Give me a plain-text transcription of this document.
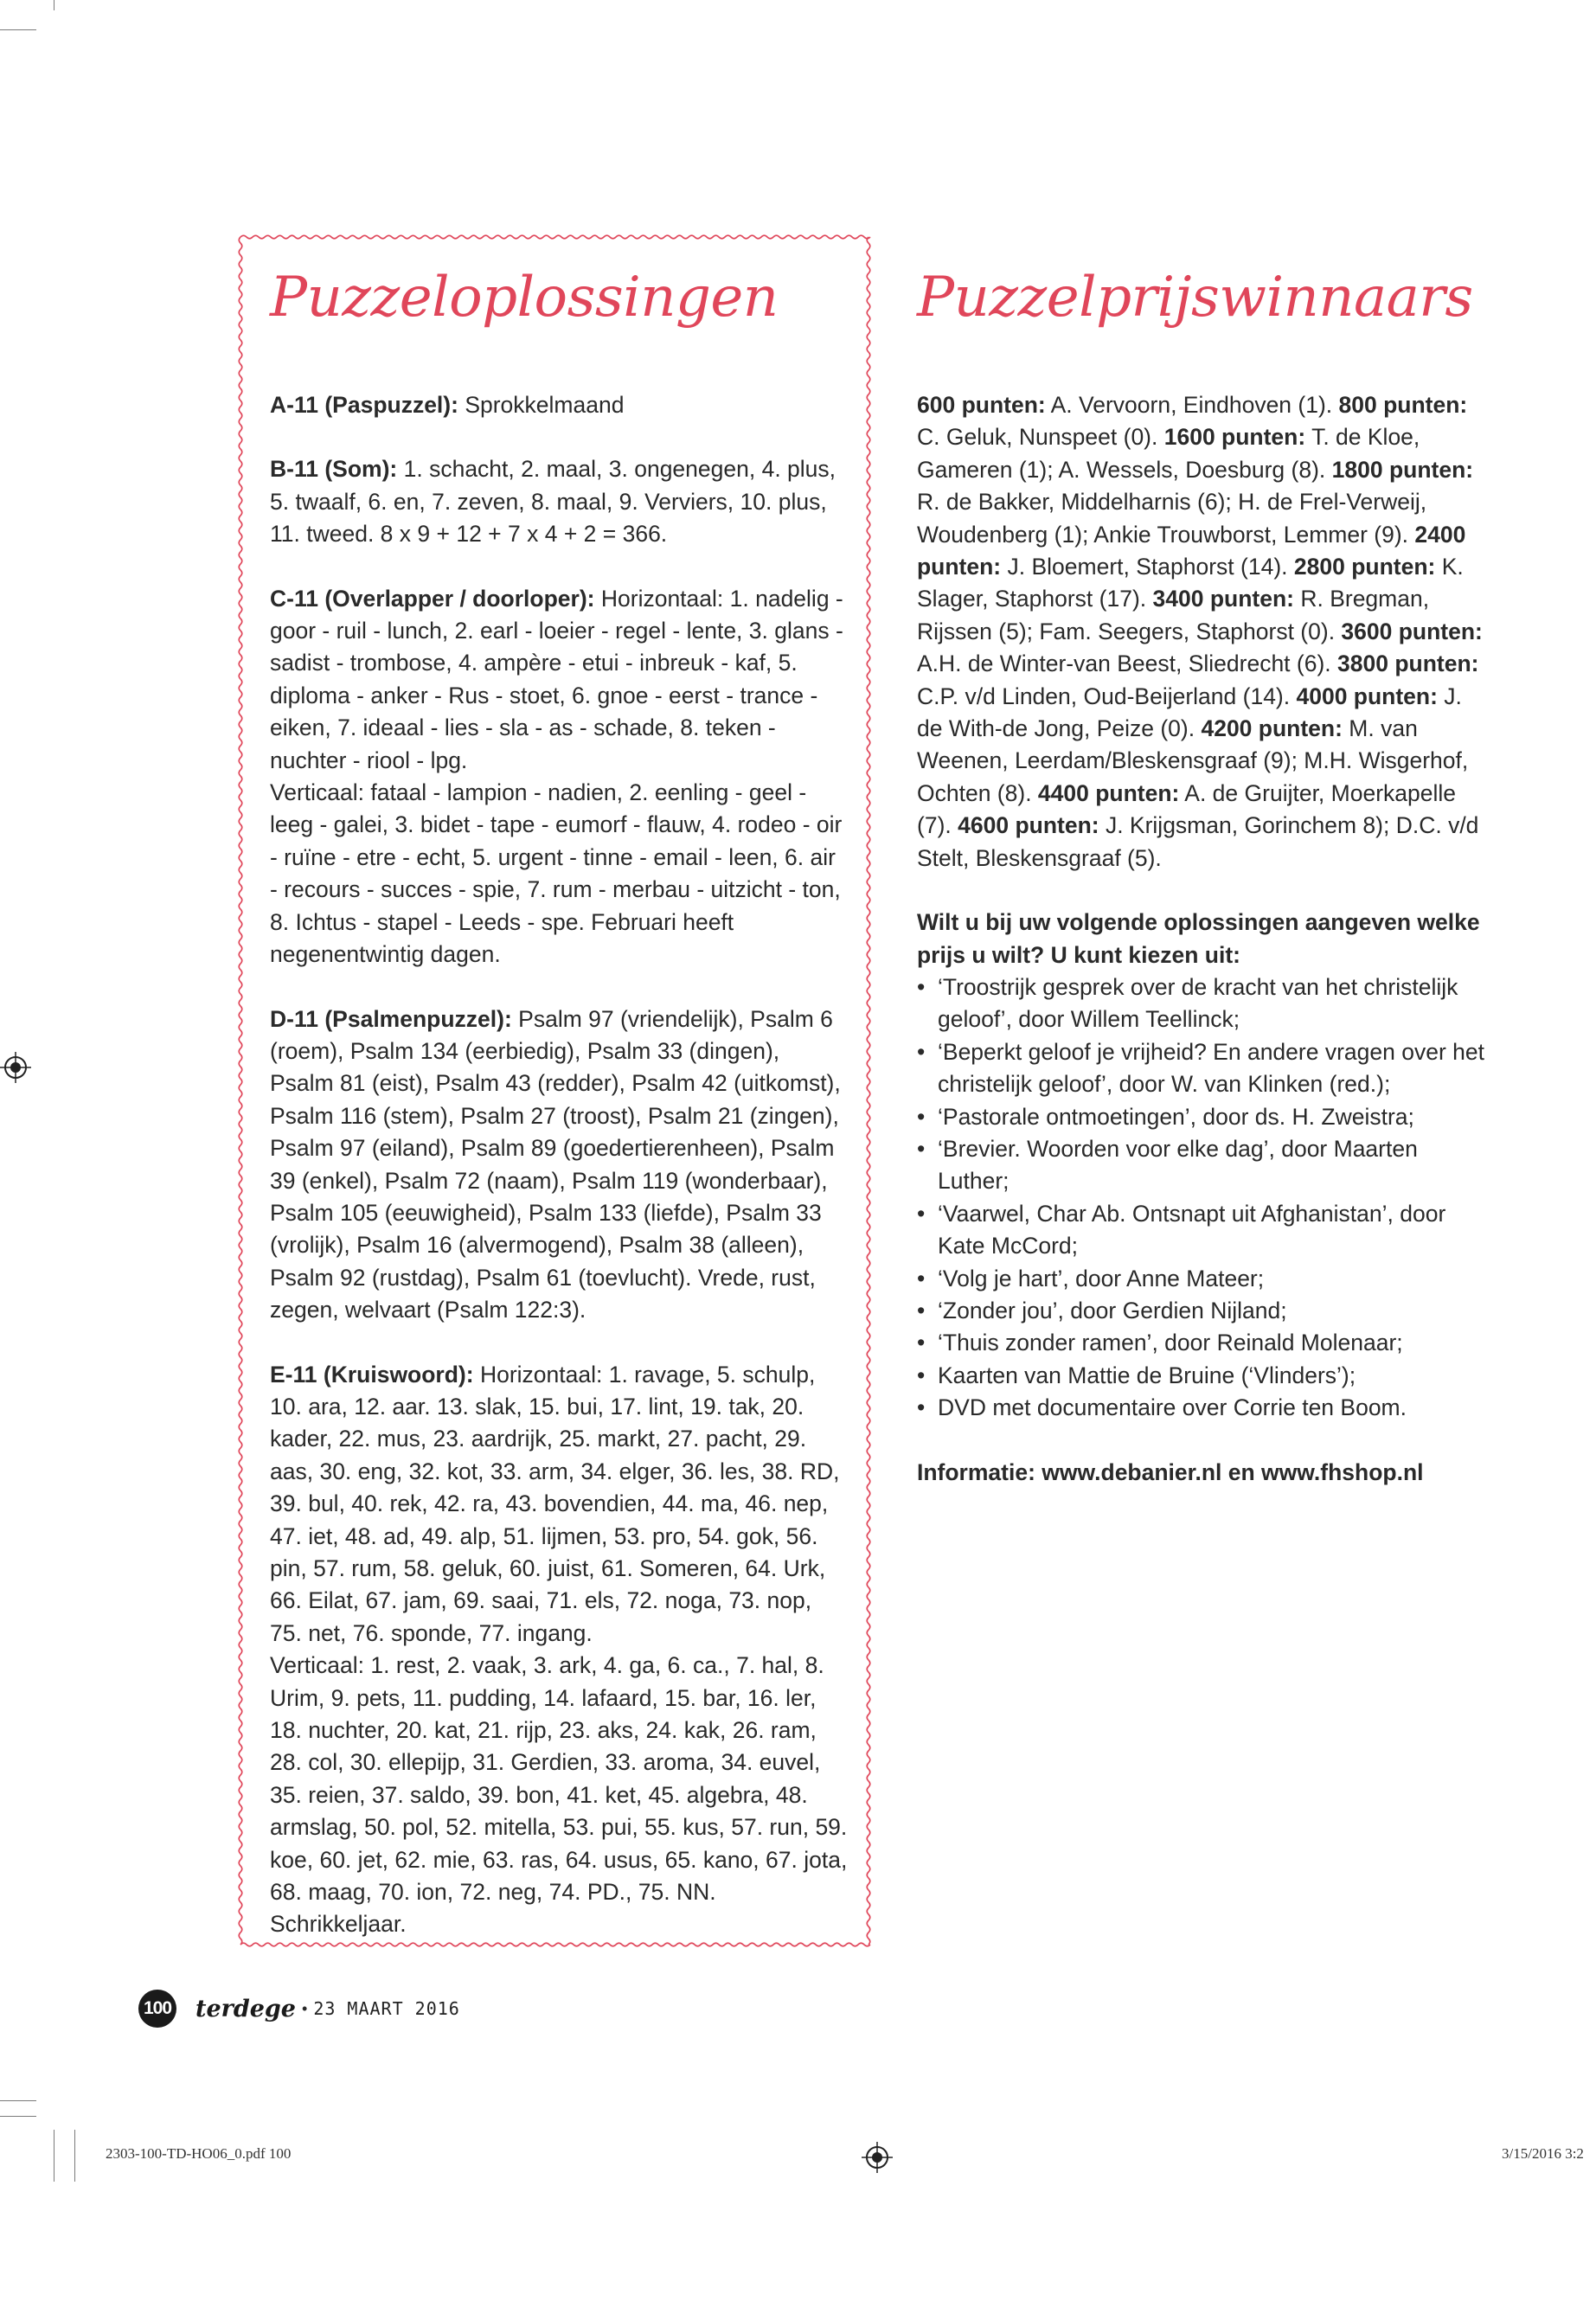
Puzzeloplossingen

A-11 (Paspuzzel): Sprokkelmaand

B-11 (Som): 1. schacht, 2. maal, 3. ongenegen, 4. plus, 5. twaalf, 6. en, 7. zeven, 8. maal, 9. Verviers, 10. plus, 11. tweed. 8 x 9 + 12 + 7 x 4 + 2 = 366.

C-11 (Overlapper / doorloper): Horizontaal: 1. nadelig - goor - ruil - lunch, 2. earl - loeier - regel - lente, 3. glans - sadist - trombose, 4. ampère - etui - inbreuk - kaf, 5. diploma - anker - Rus - stoet, 6. gnoe - eerst - trance - eiken, 7. ideaal - lies - sla - as - schade, 8. teken - nuchter - riool - lpg.

Verticaal: fataal - lampion - nadien, 2. eenling - geel - leeg - galei, 3. bidet - tape - eumorf - flauw, 4. rodeo - oir - ruïne - etre - echt, 5. urgent - tinne - email - leen, 6. air - recours - succes - spie, 7. rum - merbau - uitzicht - ton, 8. Ichtus - stapel - Leeds - spe. Februari heeft negenentwintig dagen.

D-11 (Psalmenpuzzel): Psalm 97 (vriendelijk), Psalm 6 (roem), Psalm 134 (eerbiedig), Psalm 33 (dingen), Psalm 81 (eist), Psalm 43 (redder), Psalm 42 (uitkomst), Psalm 116 (stem), Psalm 27 (troost), Psalm 21 (zingen), Psalm 97 (eiland), Psalm 89 (goedertierenheen), Psalm 39 (enkel), Psalm 72 (naam), Psalm 119 (wonderbaar), Psalm 105 (eeuwigheid), Psalm 133 (liefde), Psalm 33 (vrolijk), Psalm 16 (alvermogend), Psalm 38 (alleen), Psalm 92 (rustdag), Psalm 61 (toevlucht). Vrede, rust, zegen, welvaart (Psalm 122:3).

E-11 (Kruiswoord): Horizontaal: 1. ravage, 5. schulp, 10. ara, 12. aar. 13. slak, 15. bui, 17. lint, 19. tak, 20. kader, 22. mus, 23. aardrijk, 25. markt, 27. pacht, 29. aas, 30. eng, 32. kot, 33. arm, 34. elger, 36. les, 38. RD, 39. bul, 40. rek, 42. ra, 43. bovendien, 44. ma, 46. nep, 47. iet, 48. ad, 49. alp, 51. lijmen, 53. pro, 54. gok, 56. pin, 57. rum, 58. geluk, 60. juist, 61. Someren, 64. Urk, 66. Eilat, 67. jam, 69. saai, 71. els, 72. noga, 73. nop, 75. net, 76. sponde, 77. ingang.

Verticaal: 1. rest, 2. vaak, 3. ark, 4. ga, 6. ca., 7. hal, 8. Urim, 9. pets, 11. pudding, 14. lafaard, 15. bar, 16. ler, 18. nuchter, 20. kat, 21. rijp, 23. aks, 24. kak, 26. ram, 28. col, 30. ellepijp, 31. Gerdien, 33. aroma, 34. euvel, 35. reien, 37. saldo, 39. bon, 41. ket, 45. algebra, 48. armslag, 50. pol, 52. mitella, 53. pui, 55. kus, 57. run, 59. koe, 60. jet, 62. mie, 63. ras, 64. usus, 65. kano, 67. jota, 68. maag, 70. ion, 72. neg, 74. PD., 75. NN. Schrikkeljaar.

Puzzelprijswinnaars

600 punten: A. Vervoorn, Eindhoven (1). 800 punten: C. Geluk, Nunspeet (0). 1600 punten: T. de Kloe, Gameren (1); A. Wessels, Doesburg (8). 1800 punten: R. de Bakker, Middelharnis (6); H. de Frel-Verweij, Woudenberg (1); Ankie Trouwborst, Lemmer (9). 2400 punten: J. Bloemert, Staphorst (14). 2800 punten: K. Slager, Staphorst (17). 3400 punten: R. Bregman, Rijssen (5); Fam. Seegers, Staphorst (0). 3600 punten: A.H. de Winter-van Beest, Sliedrecht (6). 3800 punten: C.P. v/d Linden, Oud-Beijerland (14). 4000 punten: J. de With-de Jong, Peize (0). 4200 punten: M. van Weenen, Leerdam/Bleskensgraaf (9); M.H. Wisgerhof, Ochten (8). 4400 punten: A. de Gruijter, Moerkapelle (7). 4600 punten: J. Krijgsman, Gorinchem 8); D.C. v/d Stelt, Bleskensgraaf (5).

Wilt u bij uw volgende oplossingen aangeven welke prijs u wilt? U kunt kiezen uit:
• ‘Troostrijk gesprek over de kracht van het christelijk geloof’, door Willem Teellinck;
• ‘Beperkt geloof je vrijheid? En andere vragen over het christelijk geloof’, door W. van Klinken (red.);
• ‘Pastorale ontmoetingen’, door ds. H. Zweistra;
• ‘Brevier. Woorden voor elke dag’, door Maarten Luther;
• ‘Vaarwel, Char Ab. Ontsnapt uit Afghanistan’, door Kate McCord;
• ‘Volg je hart’, door Anne Mateer;
• ‘Zonder jou’, door Gerdien Nijland;
• ‘Thuis zonder ramen’, door Reinald Molenaar;
• Kaarten van Mattie de Bruine (‘Vlinders’);
• DVD met documentaire over Corrie ten Boom.
Informatie: www.debanier.nl en www.fhshop.nl
100 terdege • 23 MAART 2016
2303-100-TD-HO06_0.pdf 100	3/15/2016 3:2
